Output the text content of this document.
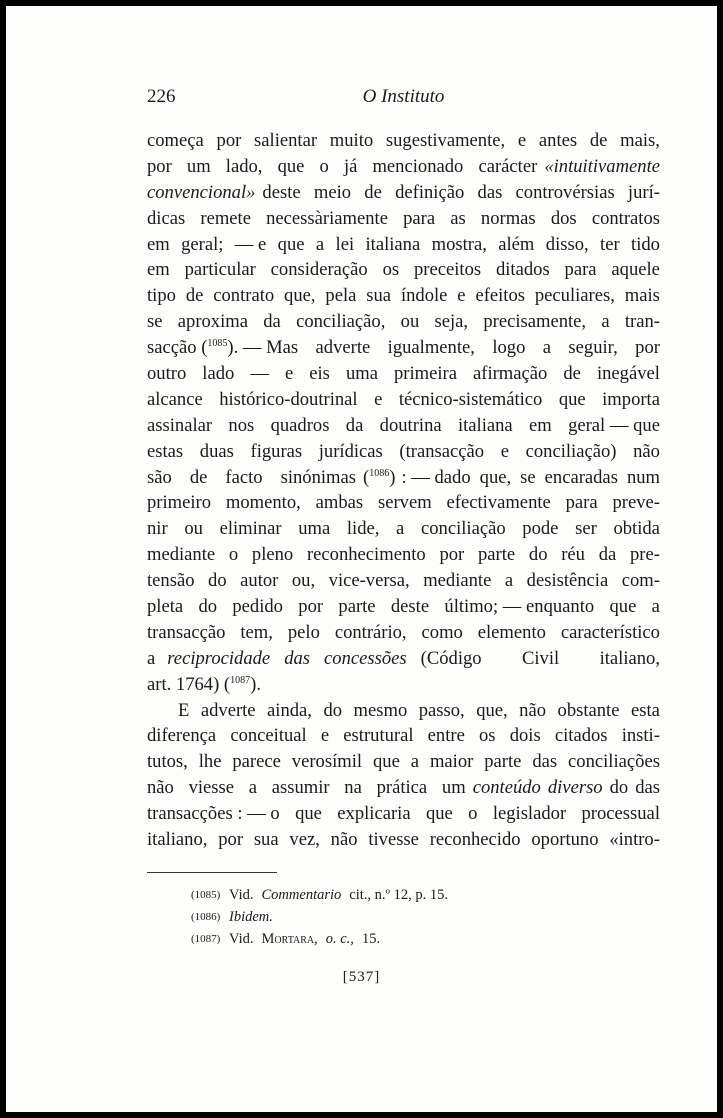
226	O Instituto
começa por salientar muito sugestivamente, e antes de mais,
por um lado, que o já mencionado carácter «intuitivamente
convencional» deste meio de definição das controvérsias jurí-
dicas remete necessàriamente para as normas dos contratos
em geral; — e que a lei italiana mostra, além disso, ter tido
em particular consideração os preceitos ditados para aquele
tipo de contrato que, pela sua índole e efeitos peculiares, mais
se aproxima da conciliação, ou seja, precisamente, a tran-
sacção ($^{1085}$ ). — Mas adverte igualmente, logo a seguir, por
outro lado — e eis uma primeira afirmação de inegável
alcance histórico-doutrinal e técnico-sistemático que importa
assinalar nos quadros da doutrina italiana em geral — que
estas duas figuras jurídicas (transacção e conciliação) não
são de facto sinónimas ($^{1086}$) : — dado que, se encaradas num
primeiro momento, ambas servem efectivamente para preve-
nir ou eliminar uma lide, a conciliação pode ser obtida
mediante o pleno reconhecimento por parte do réu da pre-
tensão do autor ou, vice-versa, mediante a desistência com-
pleta do pedido por parte deste último; — enquanto que a
transacção tem, pelo contrário, como elemento característico
a reciprocidade das concessões (Código Civil italiano,
art. 1764) ($^{1087}$).
E adverte ainda, do mesmo passo, que, não obstante esta
diferença conceitual e estrutural entre os dois citados insti-
tutos, lhe parece verosímil que a maior parte das conciliações
não viesse a assumir na prática um conteúdo diverso do das
transacções : — o que explicaria que o legislador processual
italiano, por sua vez, não tivesse reconhecido oportuno «intro-
(1085) Vid. Commentario cit., n.º 12, p. 15.
(1086) Ibidem.
(1087) Vid. Mortara, o. c., 15.
[537]
